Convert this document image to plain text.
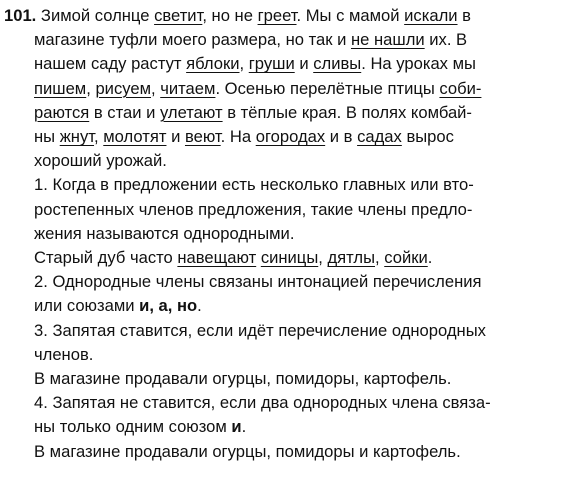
101. Зимой солнце светит, но не греет. Мы с мамой искали в
магазине туфли моего размера, но так и не нашли их. В
нашем саду растут яблоки, груши и сливы. На уроках мы
пишем, рисуем, читаем. Осенью перелётные птицы соби-
раются в стаи и улетают в тёплые края. В полях комбай-
ны жнут, молотят и веют. На огородах и в садах вырос
хороший урожай.
1. Когда в предложении есть несколько главных или вто-
ростепенных членов предложения, такие члены предло-
жения называются однородными.
Старый дуб часто навещают синицы, дятлы, сойки.
2. Однородные члены связаны интонацией перечисления
или союзами и, а, но.
3. Запятая ставится, если идёт перечисление однородных
членов.
В магазине продавали огурцы, помидоры, картофель.
4. Запятая не ставится, если два однородных члена связа-
ны только одним союзом и.
В магазине продавали огурцы, помидоры и картофель.
